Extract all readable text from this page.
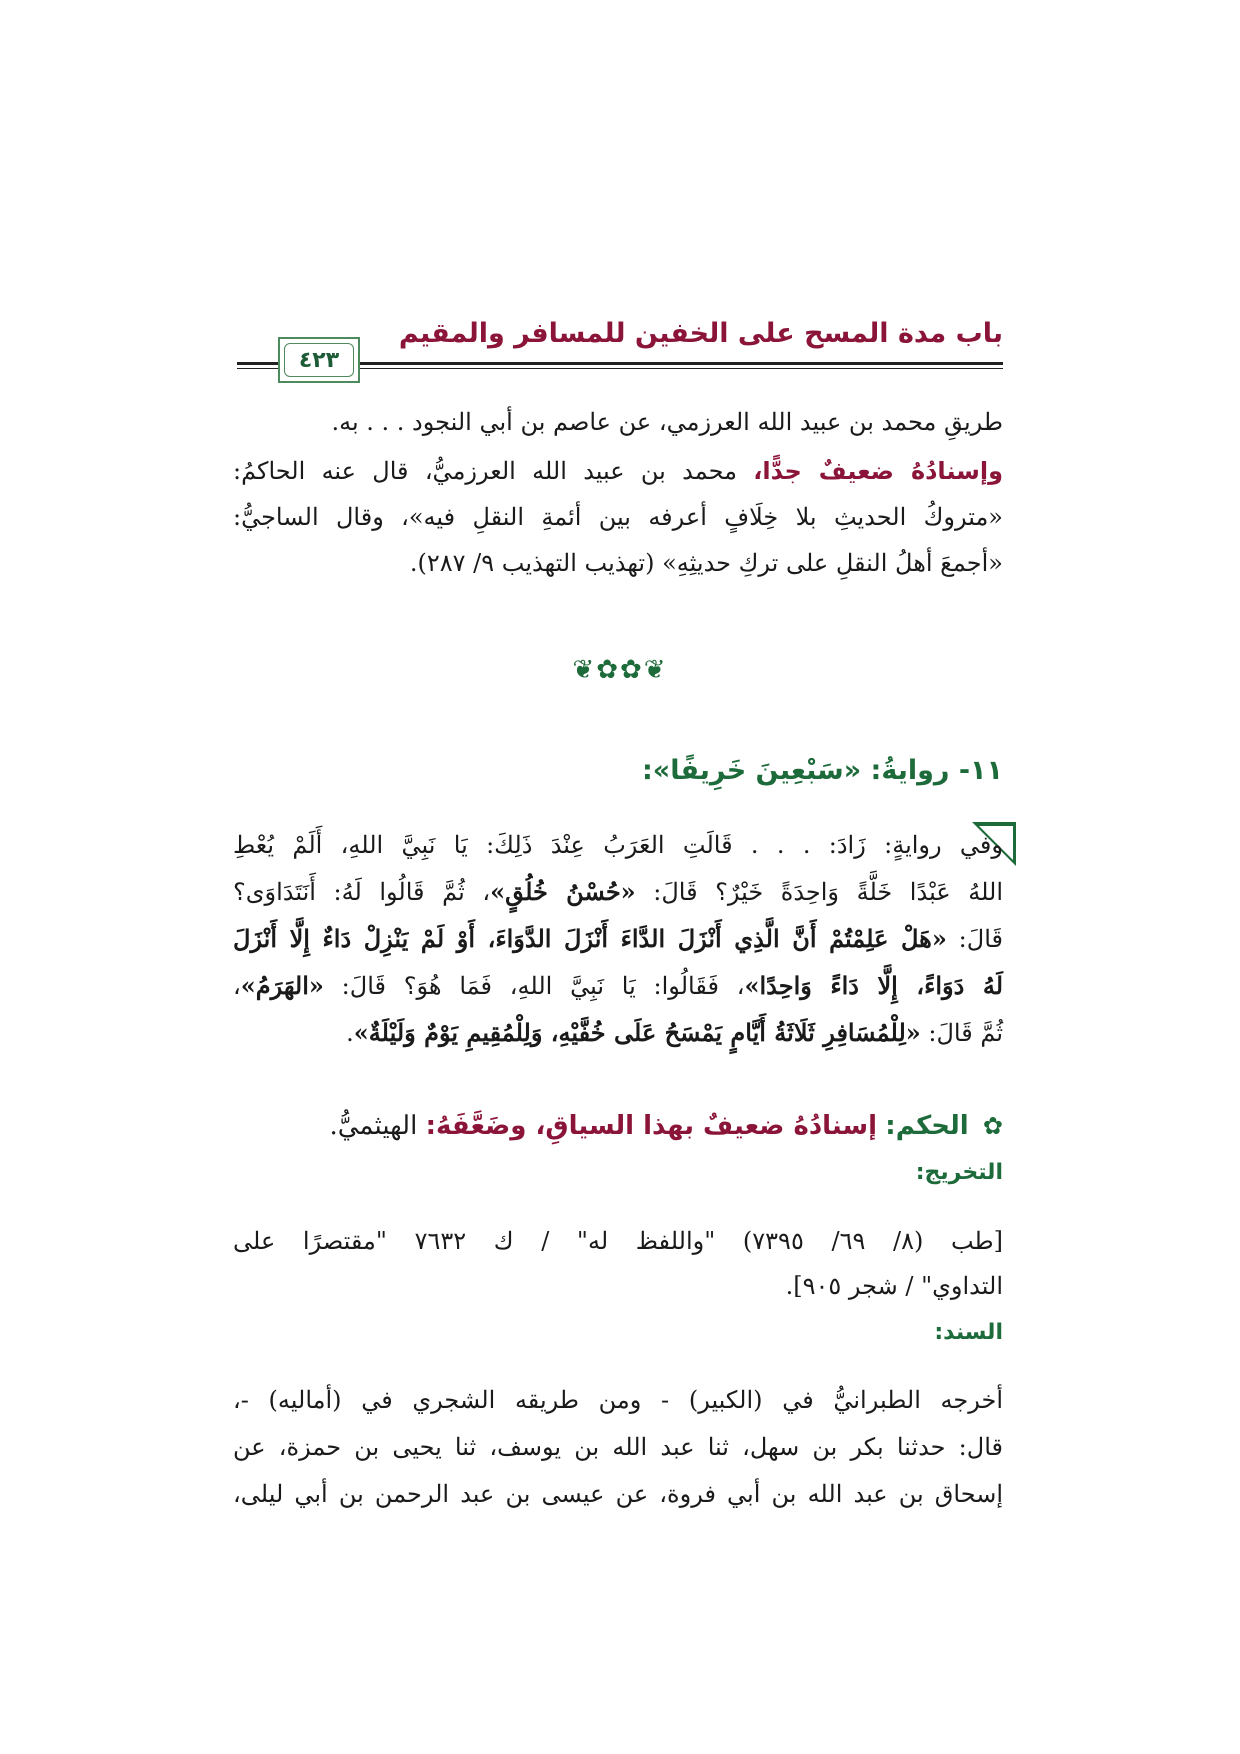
باب مدة المسح على الخفين للمسافر والمقيم
٤٢٣
طريقِ محمد بن عبيد الله العرزمي، عن عاصم بن أبي النجود . . . به.
وإسنادُهُ ضعيفٌ جدًّا، محمد بن عبيد الله العرزميُّ، قال عنه الحاكمُ:
«متروكُ الحديثِ بلا خِلَافٍ أعرفه بين أئمةِ النقلِ فيه»، وقال الساجيُّ:
«أجمعَ أهلُ النقلِ على تركِ حديثِهِ» (تهذيب التهذيب ٩/ ٢٨٧).
❦✿✿❦
١١- روايةُ: «سَبْعِينَ خَرِيفًا»:
وفي روايةٍ: زَادَ: . . . قَالَتِ العَرَبُ عِنْدَ ذَلِكَ: يَا نَبِيَّ اللهِ، أَلَمْ يُعْطِ
اللهُ عَبْدًا خَلَّةً وَاحِدَةً خَيْرٌ؟ قَالَ: «حُسْنُ خُلُقٍ»، ثُمَّ قَالُوا لَهُ: أَنَتَدَاوَى؟
قَالَ: «هَلْ عَلِمْتُمْ أَنَّ الَّذِي أَنْزَلَ الدَّاءَ أَنْزَلَ الدَّوَاءَ، أَوْ لَمْ يَنْزِلْ دَاءٌ إِلَّا أَنْزَلَ
لَهُ دَوَاءً، إِلَّا دَاءً وَاحِدًا»، فَقَالُوا: يَا نَبِيَّ اللهِ، فَمَا هُوَ؟ قَالَ: «الهَرَمُ»،
ثُمَّ قَالَ: «لِلْمُسَافِرِ ثَلَاثَةُ أَيَّامٍ يَمْسَحُ عَلَى خُفَّيْهِ، وَلِلْمُقِيمِ يَوْمٌ وَلَيْلَةٌ».
✿ الحكم: إسنادُهُ ضعيفٌ بهذا السياقِ، وضَعَّفَهُ: الهيثميُّ.
التخريج:
[طب (٨/ ٦٩/ ٧٣٩٥) "واللفظ له" / ك ٧٦٣٢ "مقتصرًا على
التداوي" / شجر ٩٠٥].
السند:
أخرجه الطبرانيُّ في (الكبير) - ومن طريقه الشجري في (أماليه) -،
قال: حدثنا بكر بن سهل، ثنا عبد الله بن يوسف، ثنا يحيى بن حمزة، عن
إسحاق بن عبد الله بن أبي فروة، عن عيسى بن عبد الرحمن بن أبي ليلى،
